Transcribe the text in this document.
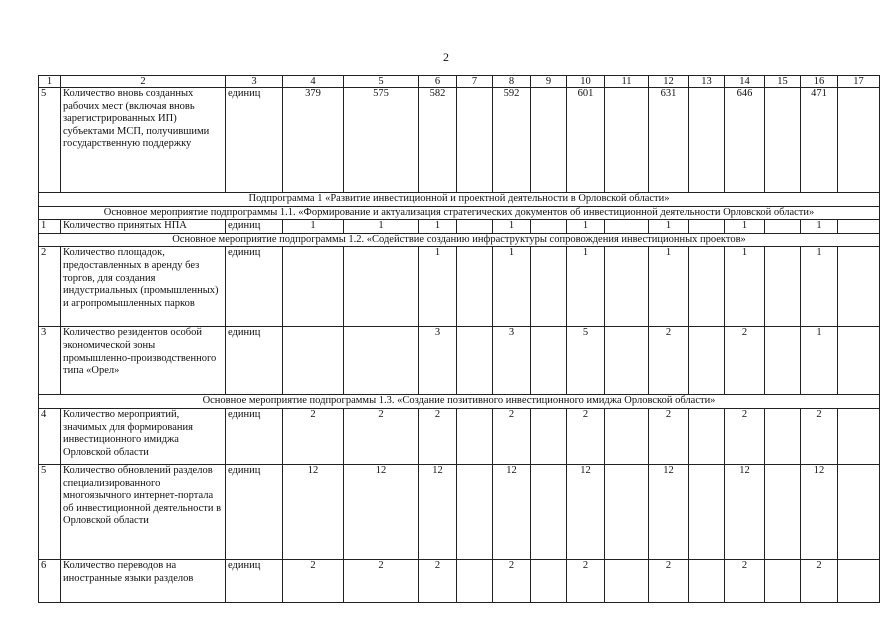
2
1	2	3	4	5	6	7	8	9	10	11	12	13	14	15	16	17
5	Количество вновь созданных рабочих мест (включая вновь зарегистрированных ИП) субъектами МСП, получившими государственную поддержку	единиц	379	575	582		592		601		631		646		471	
Подпрограмма 1 «Развитие инвестиционной и проектной деятельности в Орловской области»																
Основное мероприятие подпрограммы 1.1. «Формирование и актуализация стратегических документов об инвестиционной деятельности Орловской области»																
1	Количество принятых НПА	единиц	1	1	1		1		1		1		1		1	
Основное мероприятие подпрограммы 1.2. «Содействие созданию инфраструктуры сопровождения инвестиционных проектов»																
2	Количество площадок, предоставленных в аренду без торгов, для создания индустриальных (промышленных) и агропромышленных парков	единиц			1		1		1		1		1		1	
3	Количество резидентов особой экономической зоны промышленно-производственного типа «Орел»	единиц			3		3		5		2		2		1	
Основное мероприятие подпрограммы 1.3. «Создание позитивного инвестиционного имиджа Орловской области»																
4	Количество мероприятий, значимых для формирования инвестиционного имиджа Орловской области	единиц	2	2	2		2		2		2		2		2	
5	Количество обновлений разделов специализированного многоязычного интернет-портала об инвестиционной деятельности в Орловской области	единиц	12	12	12		12		12		12		12		12	
6	Количество переводов на иностранные языки разделов	единиц	2	2	2		2		2		2		2		2	
